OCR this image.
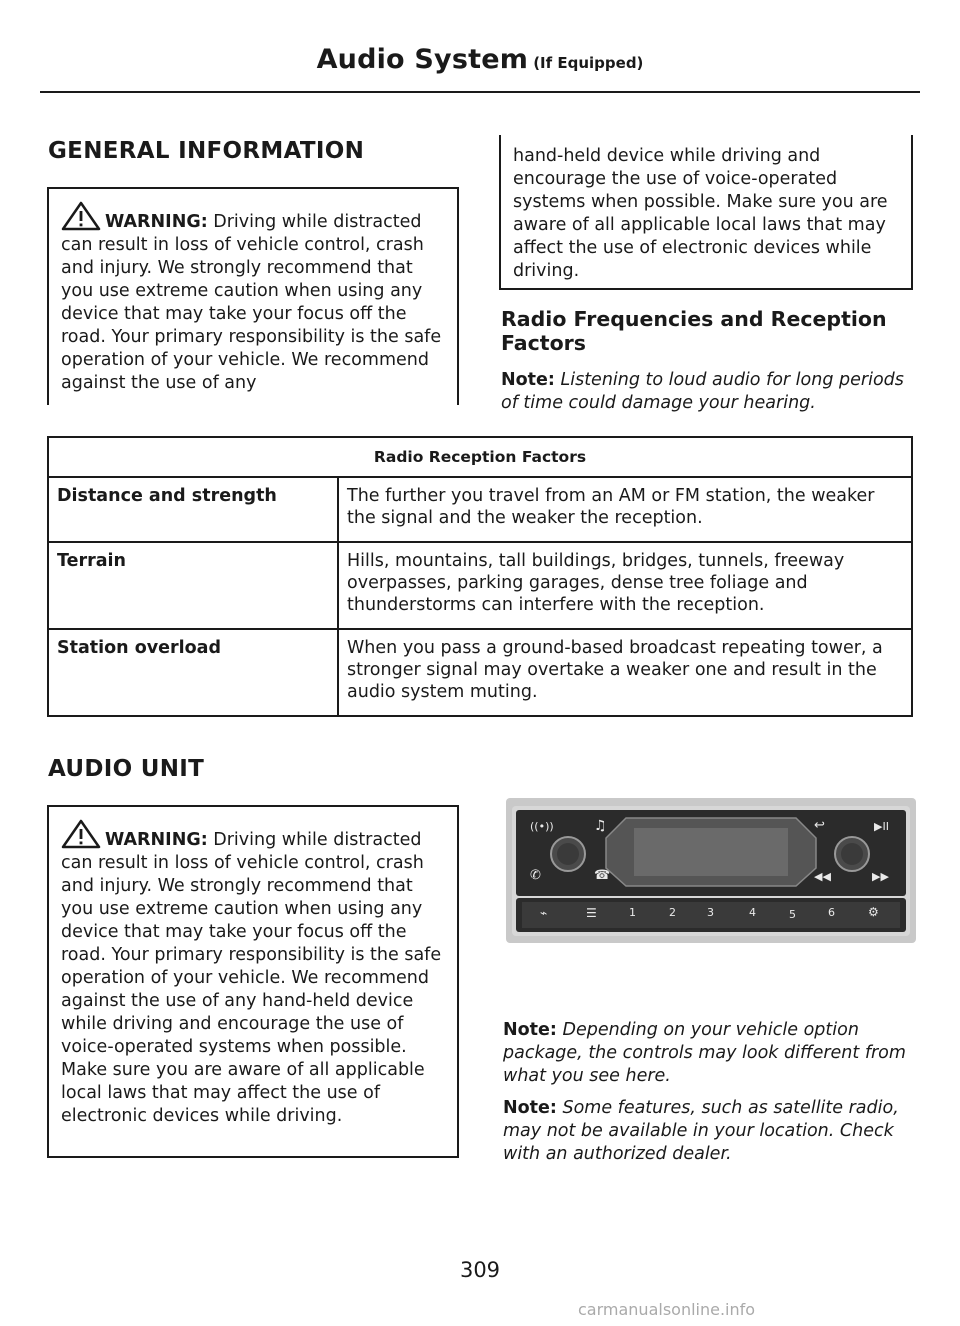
Audio System (If Equipped)
GENERAL INFORMATION
WARNING: Driving while distracted can result in loss of vehicle control, crash and injury. We strongly recommend that you use extreme caution when using any device that may take your focus off the road. Your primary responsibility is the safe operation of your vehicle. We recommend against the use of any
hand-held device while driving and encourage the use of voice-operated systems when possible. Make sure you are aware of all applicable local laws that may affect the use of electronic devices while driving.
Radio Frequencies and Reception Factors
Note: Listening to loud audio for long periods of time could damage your hearing.
Radio Reception Factors	
Distance and strength	The further you travel from an AM or FM station, the weaker the signal and the weaker the reception.
Terrain	Hills, mountains, tall buildings, bridges, tunnels, freeway overpasses, parking garages, dense tree foliage and thunderstorms can interfere with the reception.
Station overload	When you pass a ground-based broadcast repeating tower, a stronger signal may overtake a weaker one and result in the audio system muting.
AUDIO UNIT
WARNING: Driving while distracted can result in loss of vehicle control, crash and injury. We strongly recommend that you use extreme caution when using any device that may take your focus off the road. Your primary responsibility is the safe operation of your vehicle. We recommend against the use of any hand-held device while driving and encourage the use of voice-operated systems when possible. Make sure you are aware of all applicable local laws that may affect the use of electronic devices while driving.
((•))	♫	↩	▶II
✆	☎	◀◀	▶▶
⌁	☰	1	2	3	4	5	6	⚙
Note: Depending on your vehicle option package, the controls may look different from what you see here.
Note: Some features, such as satellite radio, may not be available in your location. Check with an authorized dealer.
309
carmanualsonline.info
